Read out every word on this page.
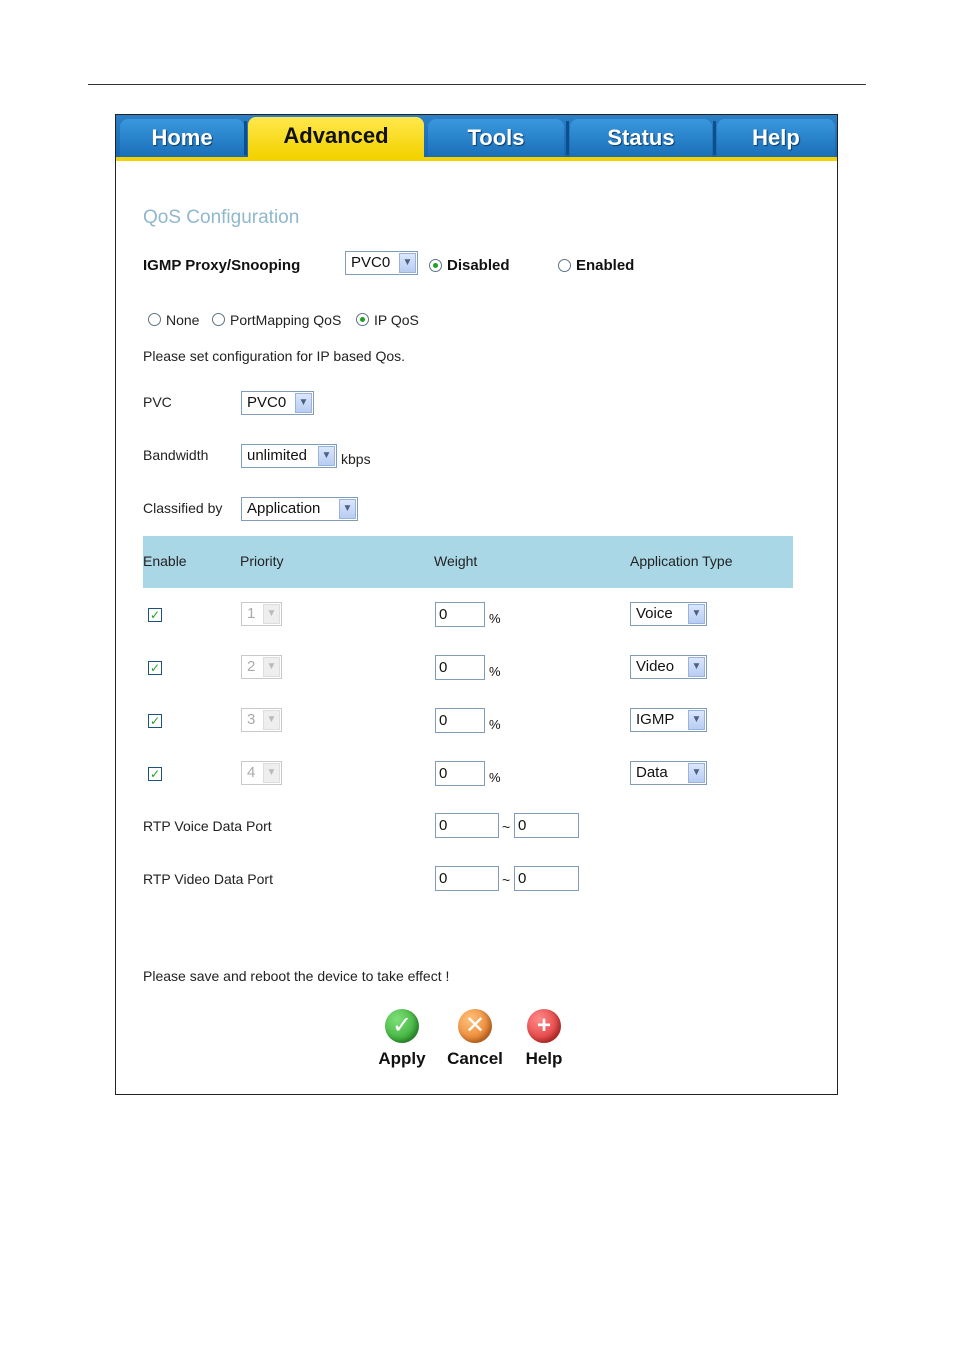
Home	Advanced	Tools	Status	Help
QoS Configuration
IGMP Proxy/Snooping	PVC0	▼ Disabled	Enabled
None PortMapping QoS IP QoS
Please set configuration for IP based Qos.
PVC	PVC0	▼
Bandwidth	unlimited	▼ kbps
Classified by	Application	▼
Enable	Priority	Weight	Application Type
✓	1	▼	0	%	Voice	▼
✓	2	▼	0	%	Video	▼
✓	3	▼	0	%	IGMP	▼
✓	4	▼	0	%	Data	▼
RTP Voice Data Port	0	~ 0
RTP Video Data Port	0	~ 0
Please save and reboot the device to take effect !
✓
Apply
✕
Cancel
+
Help
